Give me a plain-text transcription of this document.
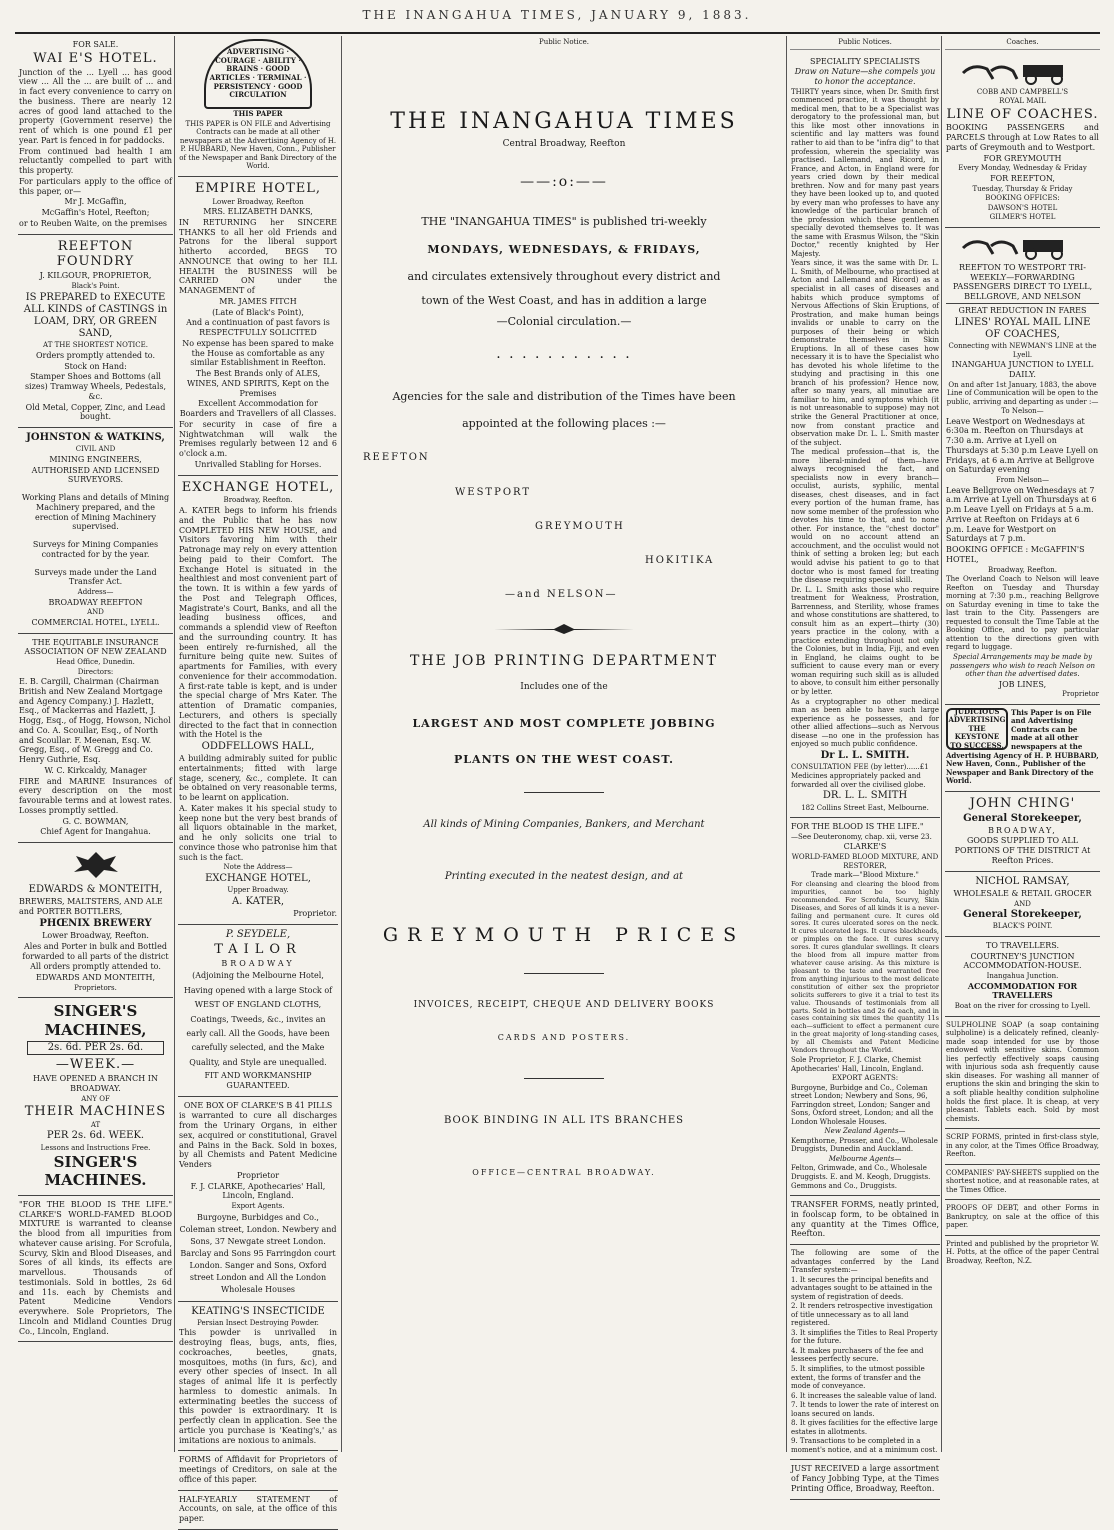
THE INANGAHUA TIMES, JANUARY 9, 1883.

FOR SALE.

WAI E'S HOTEL.

Junction of the ... Lyell ... has good view ... All the ... are built of ... and in fact every convenience to carry on the business. There are nearly 12 acres of good land attached to the property (Government reserve) the rent of which is one pound £1 per year. Part is fenced in for paddocks.

From continued bad health I am reluctantly compelled to part with this property.

For particulars apply to the office of this paper, or—

Mr J. McGaffin,

McGaffin's Hotel, Reefton;

or to Reuben Waite, on the premises

REEFTON FOUNDRY

J. KILGOUR, PROPRIETOR,

Black's Point.

IS PREPARED to EXECUTE ALL KINDS of CASTINGS in LOAM, DRY, OR GREEN SAND,

AT THE SHORTEST NOTICE.

Orders promptly attended to.

Stock on Hand:

Stamper Shoes and Bottoms (all sizes) Tramway Wheels, Pedestals, &c.

Old Metal, Copper, Zinc, and Lead bought.

JOHNSTON & WATKINS,

CIVIL AND

MINING ENGINEERS,

AUTHORISED AND LICENSED SURVEYORS.

Working Plans and details of Mining Machinery prepared, and the erection of Mining Machinery supervised.

Surveys for Mining Companies contracted for by the year.

Surveys made under the Land Transfer Act.

Address—

BROADWAY REEFTON

AND

COMMERCIAL HOTEL, LYELL.

THE EQUITABLE INSURANCE ASSOCIATION OF NEW ZEALAND

Head Office, Dunedin.

Directors:

E. B. Cargill, Chairman (Chairman British and New Zealand Mortgage and Agency Company.) J. Hazlett, Esq., of Mackerras and Hazlett, J. Hogg, Esq., of Hogg, Howson, Nichol and Co. A. Scoullar, Esq., of North and Scoullar. F. Meenan, Esq. W. Gregg, Esq., of W. Gregg and Co. Henry Guthrie, Esq.

W. C. Kirkcaldy, Manager

FIRE and MARINE Insurances of every description on the most favourable terms and at lowest rates. Losses promptly settled.

G. C. BOWMAN,

Chief Agent for Inangahua.

EDWARDS & MONTEITH,

BREWERS, MALTSTERS, AND ALE and PORTER BOTTLERS,

PHŒNIX BREWERY

Lower Broadway, Reefton.

Ales and Porter in bulk and Bottled forwarded to all parts of the district

All orders promptly attended to.

EDWARDS AND MONTEITH,

Proprietors.

SINGER'S MACHINES,

2s. 6d. PER 2s. 6d.

—WEEK.—

HAVE OPENED A BRANCH IN BROADWAY.

ANY OF

THEIR MACHINES

AT

PER 2s. 6d. WEEK.

Lessons and Instructions Free.

SINGER'S MACHINES.

"FOR THE BLOOD IS THE LIFE." CLARKE'S WORLD-FAMED BLOOD MIXTURE is warranted to cleanse the blood from all impurities from whatever cause arising. For Scrofula, Scurvy, Skin and Blood Diseases, and Sores of all kinds, its effects are marvellous. Thousands of testimonials. Sold in bottles, 2s 6d and 11s. each by Chemists and Patent Medicine Vendors everywhere. Sole Proprietors, The Lincoln and Midland Counties Drug Co., Lincoln, England.

ADVERTISING · COURAGE · ABILITY · BRAINS · GOOD ARTICLES · TERMINAL · PERSISTENCY · GOOD CIRCULATION

THIS PAPER

THIS PAPER is ON FILE and Advertising Contracts can be made at all other newspapers at the Advertising Agency of H. P. HUBBARD, New Haven, Conn., Publisher of the Newspaper and Bank Directory of the World.

EMPIRE HOTEL,

Lower Broadway, Reefton

MRS. ELIZABETH DANKS,

IN RETURNING her SINCERE THANKS to all her old Friends and Patrons for the liberal support hitherto accorded, BEGS TO ANNOUNCE that owing to her ILL HEALTH the BUSINESS will be CARRIED ON under the MANAGEMENT of

MR. JAMES FITCH

(Late of Black's Point),

And a continuation of past favors is RESPECTFULLY SOLICITED

No expense has been spared to make the House as comfortable as any similar Establishment in Reefton.

The Best Brands only of ALES, WINES, AND SPIRITS, Kept on the Premises

Excellent Accommodation for Boarders and Travellers of all Classes.

For security in case of fire a Nightwatchman will walk the Premises regularly between 12 and 6 o'clock a.m.

Unrivalled Stabling for Horses.

EXCHANGE HOTEL,

Broadway, Reefton.

A. KATER begs to inform his friends and the Public that he has now COMPLETED HIS NEW HOUSE, and Visitors favoring him with their Patronage may rely on every attention being paid to their Comfort. The Exchange Hotel is situated in the healthiest and most convenient part of the town. It is within a few yards of the Post and Telegraph Offices, Magistrate's Court, Banks, and all the leading business offices, and commands a splendid view of Reefton and the surrounding country. It has been entirely re-furnished, all the furniture being quite new. Suites of apartments for Families, with every convenience for their accommodation. A first-rate table is kept, and is under the special charge of Mrs Kater. The attention of Dramatic companies, Lecturers, and others is specially directed to the fact that in connection with the Hotel is the

ODDFELLOWS HALL,

A building admirably suited for public entertainments; fitted with large stage, scenery, &c., complete. It can be obtained on very reasonable terms, to be learnt on application.

A. Kater makes it his special study to keep none but the very best brands of all liquors obtainable in the market, and he only solicits one trial to convince those who patronise him that such is the fact.

Note the Address—

EXCHANGE HOTEL,

Upper Broadway.

A. KATER,

Proprietor.

P. SEYDELE,

TAILOR

BROADWAY

(Adjoining the Melbourne Hotel, Having opened with a large Stock of WEST OF ENGLAND CLOTHS, Coatings, Tweeds, &c., invites an early call. All the Goods, have been carefully selected, and the Make Quality, and Style are unequalled.

FIT AND WORKMANSHIP GUARANTEED.

ONE BOX OF CLARKE'S B 41 PILLS

is warranted to cure all discharges from the Urinary Organs, in either sex, acquired or constitutional, Gravel and Pains in the Back. Sold in boxes, by all Chemists and Patent Medicine Venders

Proprietor

F. J. CLARKE, Apothecaries' Hall, Lincoln, England.

Export Agents.

Burgoyne, Burbidges and Co., Coleman street, London. Newbery and Sons, 37 Newgate street London. Barclay and Sons 95 Farringdon court London. Sanger and Sons, Oxford street London and All the London Wholesale Houses

KEATING'S INSECTICIDE

Persian Insect Destroying Powder.

This powder is unrivalled in destroying fleas, bugs, ants, flies, cockroaches, beetles, gnats, mosquitoes, moths (in furs, &c), and every other species of insect. In all stages of animal life it is perfectly harmless to domestic animals. In exterminating beetles the success of this powder is extraordinary. It is perfectly clean in application. See the article you purchase is 'Keating's,' as imitations are noxious to animals.

FORMS of Affidavit for Proprietors of meetings of Creditors, on sale at the office of this paper.

HALF-YEARLY STATEMENT of Accounts, on sale, at the office of this paper.

Public Notice.
THE INANGAHUA TIMES

Central Broadway, Reefton

——:o:——

THE "INANGAHUA TIMES" is published tri-weekly

MONDAYS, WEDNESDAYS, & FRIDAYS,

and circulates extensively throughout every district and

town of the West Coast, and has in addition a large

—Colonial circulation.—

· · · · · · · · · · ·

Agencies for the sale and distribution of the Times have been

appointed at the following places :—

REEFTON

WESTPORT

GREYMOUTH

HOKITIKA

—and NELSON—

THE JOB PRINTING DEPARTMENT

Includes one of the

LARGEST AND MOST COMPLETE JOBBING

PLANTS ON THE WEST COAST.

All kinds of Mining Companies, Bankers, and Merchant

Printing executed in the neatest design, and at

GREYMOUTH PRICES

INVOICES, RECEIPT, CHEQUE AND DELIVERY BOOKS

CARDS AND POSTERS.

BOOK BINDING IN ALL ITS BRANCHES

OFFICE—CENTRAL BROADWAY.

Public Notices.

SPECIALITY SPECIALISTS

Draw on Nature—she compels you to honor the acceptance.

THIRTY years since, when Dr. Smith first commenced practice, it was thought by medical men, that to be a Specialist was derogatory to the professional man, but this like most other innovations in scientific and lay matters was found rather to aid than to be "infra dig" to that profession, wherein the speciality was practised. Lallemand, and Ricord, in France, and Acton, in England were for years cried down by their medical brethren. Now and for many past years they have been looked up to, and quoted by every man who professes to have any knowledge of the particular branch of the profession which these gentlemen specially devoted themselves to. It was the same with Erasmus Wilson, the "Skin Doctor," recently knighted by Her Majesty.

Years since, it was the same with Dr. L. L. Smith, of Melbourne, who practised at Acton and Lallemand and Ricord) as a specialist in all cases of diseases and habits which produce symptoms of Nervous Affections of Skin Eruptions, of Prostration, and make human beings invalids or unable to carry on the purposes of their being or which demonstrate themselves in Skin Eruptions. In all of these cases how necessary it is to have the Specialist who has devoted his whole lifetime to the studying and practising in this one branch of his profession? Hence now, after so many years, all minutiae are familiar to him, and symptoms which (it is not unreasonable to suppose) may not strike the General Practitioner at once, now from constant practice and observation make Dr. L. L. Smith master of the subject.

The medical profession—that is, the more liberal-minded of them—have always recognised the fact, and specialists now in every branch—occulist, aurists, syphilic, mental diseases, chest diseases, and in fact every portion of the human frame, has now some member of the profession who devotes his time to that, and to none other. For instance, the "chest doctor" would on no account attend an accouchment, and the occulist would not think of setting a broken leg; but each would advise his patient to go to that doctor who is most famed for treating the disease requiring special skill.

Dr. L. L. Smith asks those who require treatment for Weakness, Prostration, Barrenness, and Sterility, whose frames and whose constitutions are shattered, to consult him as an expert—thirty (30) years practice in the colony, with a practice extending throughout not only the Colonies, but in India, Fiji, and even in England, he claims ought to be sufficient to cause every man or every woman requiring such skill as is alluded to above, to consult him either personally or by letter.

As a cryptographer no other medical man as been able to have such large experience as he possesses, and for other allied affections—such as Nervous disease —no one in the profession has enjoyed so much public confidence.

Dr L. L. SMITH.

CONSULTATION FEE (by letter)......£1

Medicines appropriately packed and forwarded all over the civilised globe.

DR. L. L. SMITH

182 Collins Street East, Melbourne.

FOR THE BLOOD IS THE LIFE."

—See Deuteronomy, chap. xii, verse 23.

CLARKE'S

WORLD-FAMED BLOOD MIXTURE, AND RESTORER,

Trade mark—"Blood Mixture."

For cleansing and clearing the blood from impurities, cannot be too highly recommended. For Scrofula, Scurvy, Skin Diseases, and Sores of all kinds it is a never-failing and permanent cure. It cures old sores. It cures ulcerated sores on the neck. It cures ulcerated legs. It cures blackheads, or pimples on the face. It cures scurvy sores. It cures glandular swellings. It clears the blood from all impure matter from whatever cause arising. As this mixture is pleasant to the taste and warranted free from anything injurious to the most delicate constitution of either sex the proprietor solicits sufferers to give it a trial to test its value. Thousands of testimonials from all parts. Sold in bottles and 2s 6d each, and in cases containing six times the quantity 11s each—sufficient to effect a permanent cure in the great majority of long-standing cases, by all Chemists and Patent Medicine Vendors throughout the World.

Sole Proprietor, F. J. Clarke, Chemist Apothecaries' Hall, Lincoln, England.

EXPORT AGENTS:

Burgoyne, Burbidge and Co., Coleman street London; Newbery and Sons, 96, Farringdon street, London; Sanger and Sons, Oxford street, London; and all the London Wholesale Houses.

New Zealand Agents—

Kempthorne, Prosser, and Co., Wholesale Druggists, Dunedin and Auckland.

Melbourne Agents—

Felton, Grimwade, and Co., Wholesale Druggists. E. and M. Keogh, Druggists. Gemmons and Co., Druggists.

TRANSFER FORMS, neatly printed, in foolscap form, to be obtained in any quantity at the Times Office, Reefton.

The following are some of the advantages conferred by the Land Transfer system:—

1. It secures the principal benefits and advantages sought to be attained in the system of registration of deeds.

2. It renders retrospective investigation of title unnecessary as to all land registered.

3. It simplifies the Titles to Real Property for the future.

4. It makes purchasers of the fee and lessees perfectly secure.

5. It simplifies, to the utmost possible extent, the forms of transfer and the mode of conveyance.

6. It increases the saleable value of land.

7. It tends to lower the rate of interest on loans secured on lands.

8. It gives facilities for the effective large estates in allotments.

9. Transactions to be completed in a moment's notice, and at a minimum cost.

JUST RECEIVED a large assortment of Fancy Jobbing Type, at the Times Printing Office, Broadway, Reefton.

Coaches.

COBB AND CAMPBELL'S

ROYAL MAIL

LINE OF COACHES.

BOOKING PASSENGERS and PARCELS through at Low Rates to all parts of Greymouth and to Westport.

FOR GREYMOUTH

Every Monday, Wednesday & Friday

FOR REEFTON,

Tuesday, Thursday & Friday

BOOKING OFFICES:

DAWSON'S HOTEL

GILMER'S HOTEL

REEFTON TO WESTPORT TRI-WEEKLY—FORWARDING PASSENGERS DIRECT TO LYELL, BELLGROVE, AND NELSON

GREAT REDUCTION IN FARES

LINES' ROYAL MAIL LINE OF COACHES,

Connecting with NEWMAN'S LINE at the Lyell.

INANGAHUA JUNCTION to LYELL DAILY.

On and after 1st January, 1883, the above Line of Communication will be open to the public, arriving and departing as under :—

To Nelson—

Leave Westport on Wednesdays at 6:30a m. Reefton on Thursdays at 7:30 a.m. Arrive at Lyell on Thursdays at 5:30 p.m Leave Lyell on Fridays, at 6 a.m Arrive at Bellgrove on Saturday evening

From Nelson—

Leave Bellgrove on Wednesdays at 7 a.m Arrive at Lyell on Thursdays at 6 p.m Leave Lyell on Fridays at 5 a.m. Arrive at Reefton on Fridays at 6 p.m. Leave for Westport on Saturdays at 7 p.m.

BOOKING OFFICE : McGAFFIN'S HOTEL,

Broadway, Reefton.

The Overland Coach to Nelson will leave Reefton on Tuesday and Thursday morning at 7:30 p.m., reaching Bellgrove on Saturday evening in time to take the last train to the City. Passengers are requested to consult the Time Table at the Booking Office, and to pay particular attention to the directions given with regard to luggage.

Special Arrangements may be made by passengers who wish to reach Nelson on other than the advertised dates.

JOB LINES,

Proprietor

JUDICIOUS ADVERTISING THE KEYSTONE TO SUCCESS.

This Paper is on File and Advertising Contracts can be made at all other newspapers at the Advertising Agency of H. P. HUBBARD, New Haven, Conn., Publisher of the Newspaper and Bank Directory of the World.

JOHN CHING'

General Storekeeper,

BROADWAY,

GOODS SUPPLIED TO ALL PORTIONS OF THE DISTRICT At Reefton Prices.

NICHOL RAMSAY,

WHOLESALE & RETAIL GROCER

AND

General Storekeeper,

BLACK'S POINT.

TO TRAVELLERS.

COURTNEY'S JUNCTION ACCOMMODATION-HOUSE.

Inangahua Junction.

ACCOMMODATION FOR TRAVELLERS

Boat on the river for crossing to Lyell.

SULPHOLINE SOAP (a soap containing sulpholine) is a delicately refined, cleanly-made soap intended for use by those endowed with sensitive skins. Common lies perfectly effectively soaps causing with injurious soda ash frequently cause skin diseases. For washing all manner of eruptions the skin and bringing the skin to a soft pliable healthy condition sulpholine holds the first place. It is cheap, at very pleasant. Tablets each. Sold by most chemists.

SCRIP FORMS, printed in first-class style, in any color, at the Times Office Broadway, Reefton.

COMPANIES' PAY-SHEETS supplied on the shortest notice, and at reasonable rates, at the Times Office.

PROOFS OF DEBT, and other Forms in Bankruptcy, on sale at the office of this paper.

Printed and published by the proprietor W. H. Potts, at the office of the paper Central Broadway, Reefton, N.Z.
